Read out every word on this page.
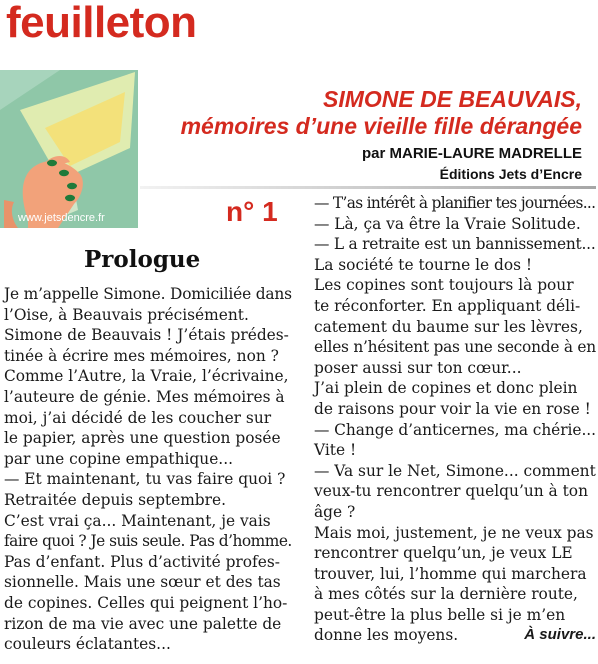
feuilleton
www.jetsdencre.fr
SIMONE DE BEAUVAIS,
mémoires d’une vieille fille dérangée
par MARIE-LAURE MADRELLE
Éditions Jets d’Encre
n° 1
Prologue
Je m’appelle Simone. Domiciliée dans
l’Oise, à Beauvais précisément.
Simone de Beauvais ! J’étais prédes-
tinée à écrire mes mémoires, non ?
Comme l’Autre, la Vraie, l’écrivaine,
l’auteure de génie. Mes mémoires à
moi, j’ai décidé de les coucher sur
le papier, après une question posée
par une copine empathique...
— Et maintenant, tu vas faire quoi ?
Retraitée depuis septembre.
C’est vrai ça... Maintenant, je vais
faire quoi ? Je suis seule. Pas d’homme.
Pas d’enfant. Plus d’activité profes-
sionnelle. Mais une sœur et des tas
de copines. Celles qui peignent l’ho-
rizon de ma vie avec une palette de
couleurs éclatantes...
— T’as intérêt à planifier tes journées...
— Là, ça va être la Vraie Solitude.
— L a retraite est un bannissement...
La société te tourne le dos !
Les copines sont toujours là pour
te réconforter. En appliquant déli-
catement du baume sur les lèvres,
elles n’hésitent pas une seconde à en
poser aussi sur ton cœur...
J’ai plein de copines et donc plein
de raisons pour voir la vie en rose !
— Change d’anticernes, ma chérie...
Vite !
— Va sur le Net, Simone... comment
veux-tu rencontrer quelqu’un à ton
âge ?
Mais moi, justement, je ne veux pas
rencontrer quelqu’un, je veux LE
trouver, lui, l’homme qui marchera
à mes côtés sur la dernière route,
peut-être la plus belle si je m’en
donne les moyens.	À suivre...
